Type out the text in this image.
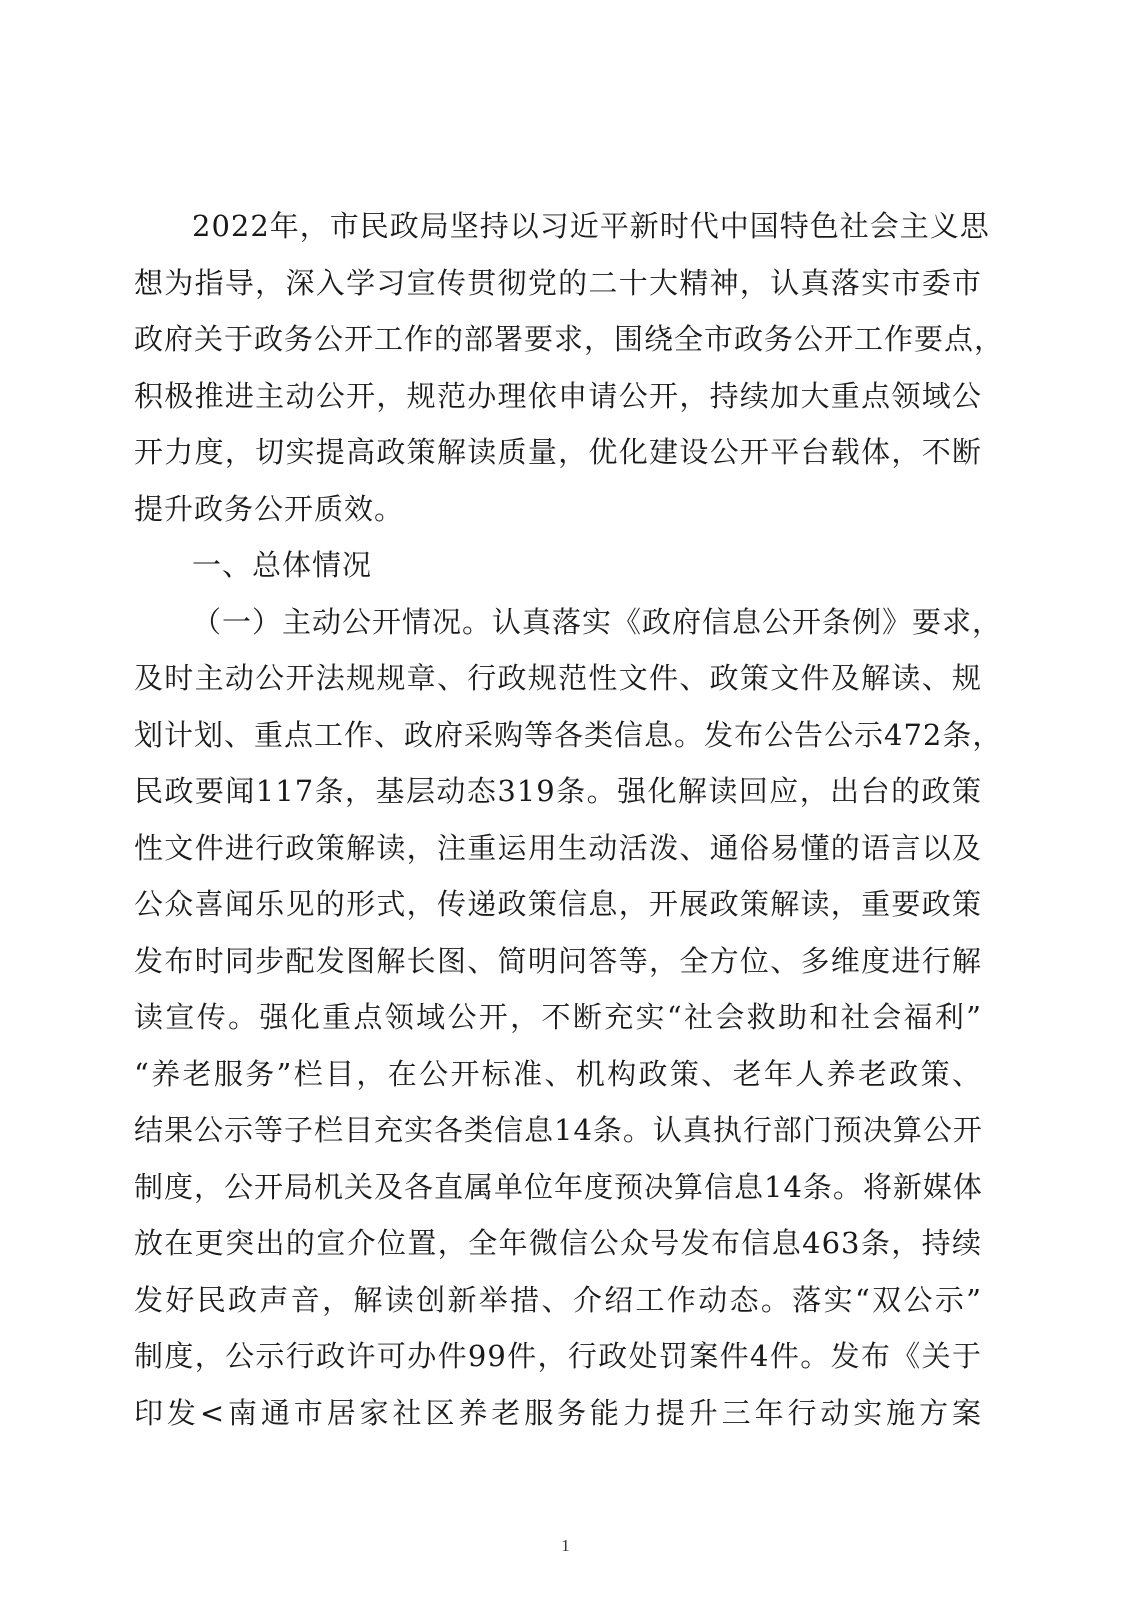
2022年，市民政局坚持以习近平新时代中国特色社会主义思
想为指导，深入学习宣传贯彻党的二十大精神，认真落实市委市
政府关于政务公开工作的部署要求，围绕全市政务公开工作要点，
积极推进主动公开，规范办理依申请公开，持续加大重点领域公
开力度，切实提高政策解读质量，优化建设公开平台载体，不断
提升政务公开质效。
一、总体情况
（一）主动公开情况。认真落实《政府信息公开条例》要求，
及时主动公开法规规章、行政规范性文件、政策文件及解读、规
划计划、重点工作、政府采购等各类信息。发布公告公示472条，
民政要闻117条，基层动态319条。强化解读回应，出台的政策
性文件进行政策解读，注重运用生动活泼、通俗易懂的语言以及
公众喜闻乐见的形式，传递政策信息，开展政策解读，重要政策
发布时同步配发图解长图、简明问答等，全方位、多维度进行解
读宣传。强化重点领域公开，不断充实“社会救助和社会福利”
“养老服务”栏目，在公开标准、机构政策、老年人养老政策、
结果公示等子栏目充实各类信息14条。认真执行部门预决算公开
制度，公开局机关及各直属单位年度预决算信息14条。将新媒体
放在更突出的宣介位置，全年微信公众号发布信息463条，持续
发好民政声音，解读创新举措、介绍工作动态。落实“双公示”
制度，公示行政许可办件99件，行政处罚案件4件。发布《关于
印发<南通市居家社区养老服务能力提升三年行动实施方案
1
